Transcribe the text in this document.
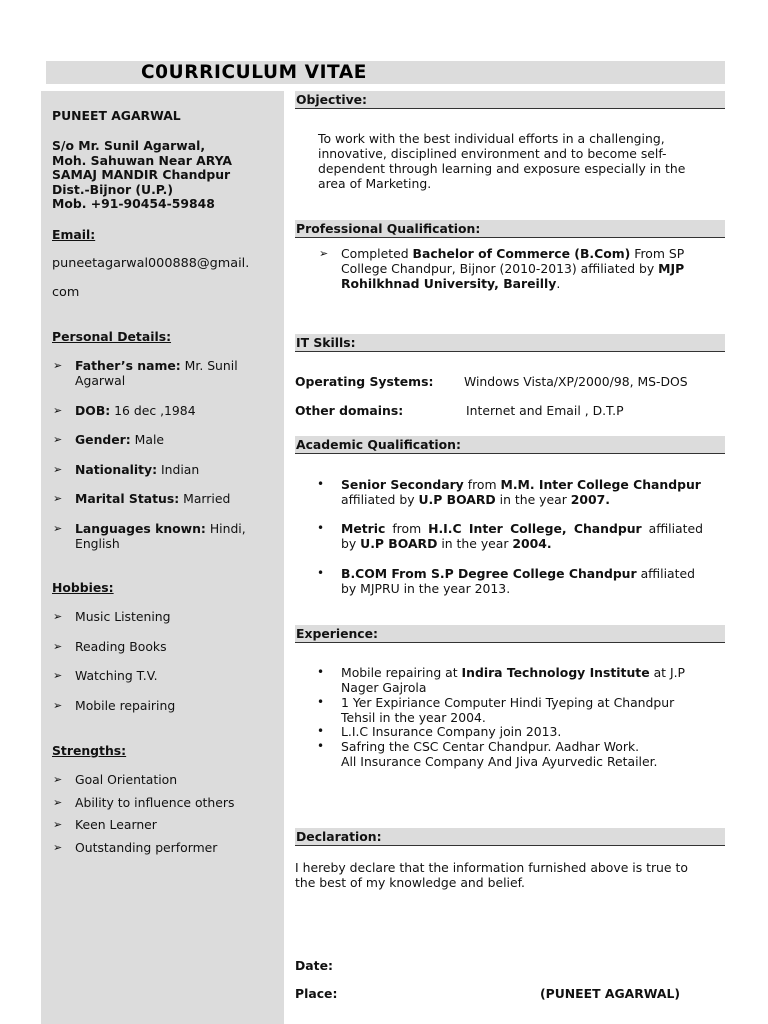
C0URRICULUM VITAE
PUNEET AGARWAL
S/o Mr. Sunil Agarwal,
Moh. Sahuwan Near ARYA
SAMAJ MANDIR Chandpur
Dist.-Bijnor (U.P.)
Mob. +91-90454-59848
Email:
puneetagarwal000888@gmail.
com
Personal Details:
➢ Father’s name: Mr. Sunil
Agarwal
➢ DOB: 16 dec ,1984
➢ Gender: Male
➢ Nationality: Indian
➢ Marital Status: Married
➢ Languages known: Hindi,
English
Hobbies:
➢ Music Listening
➢ Reading Books
➢ Watching T.V.
➢ Mobile repairing
Strengths:
➢ Goal Orientation
➢ Ability to influence others
➢ Keen Learner
➢ Outstanding performer
Objective:
To work with the best individual efforts in a challenging,
innovative, disciplined environment and to become self-
dependent through learning and exposure especially in the
area of Marketing.
Professional Qualification:
➢ Completed Bachelor of Commerce (B.Com) From SP
College Chandpur, Bijnor (2010-2013) affiliated by MJP
Rohilkhnad University, Bareilly.
IT Skills:
Operating Systems: Windows Vista/XP/2000/98, MS-DOS
Other domains:	Internet and Email , D.T.P
Academic Qualification:
• Senior Secondary from M.M. Inter College Chandpur
affiliated by U.P BOARD in the year 2007.
• Metric from H.I.C Inter College, Chandpur affiliated
by U.P BOARD in the year 2004.
• B.COM From S.P Degree College Chandpur affiliated
by MJPRU in the year 2013.
Experience:
• Mobile repairing at Indira Technology Institute at J.P
Nager Gajrola
• 1 Yer Expiriance Computer Hindi Tyeping at Chandpur
Tehsil in the year 2004.
• L.I.C Insurance Company join 2013.
• Safring the CSC Centar Chandpur. Aadhar Work.
All Insurance Company And Jiva Ayurvedic Retailer.
Declaration:
I hereby declare that the information furnished above is true to
the best of my knowledge and belief.
Date:
Place:	(PUNEET AGARWAL)
